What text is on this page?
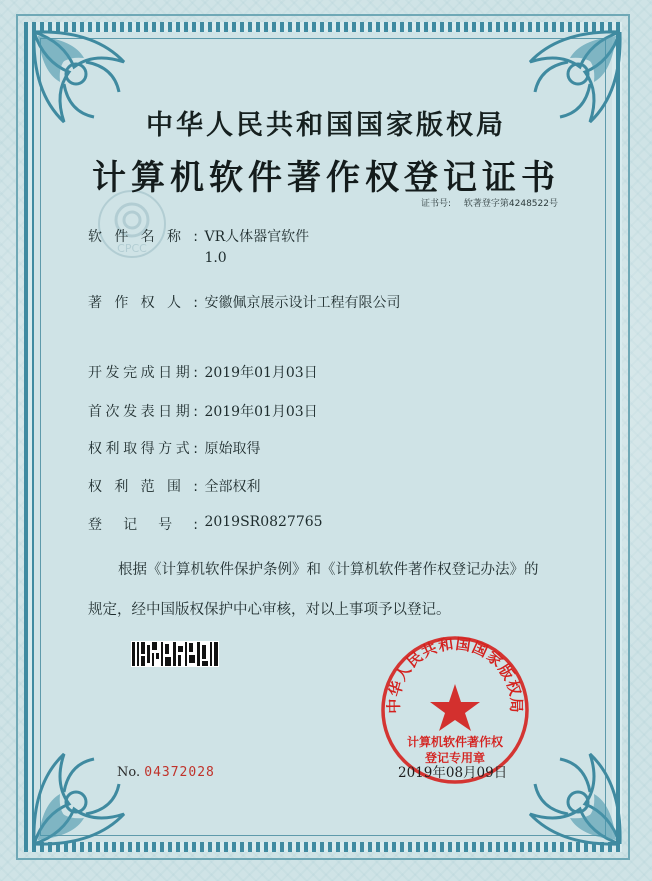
CPCC
中华人民共和国国家版权局
计算机软件著作权登记证书
证书号: 软著登字第4248522号
软件名称: VR人体器官软件
1.0
著作权人: 安徽佩京展示设计工程有限公司
开发完成日期: 2019年01月03日
首次发表日期: 2019年01月03日
权利取得方式: 原始取得
权利范围: 全部权利
登记号: 2019SR0827765

根据《计算机软件保护条例》和《计算机软件著作权登记办法》的

规定，经中国版权保护中心审核，对以上事项予以登记。

中华人民共和国国家版权局
计算机软件著作权
登记专用章
No. 04372028	2019年08月09日
